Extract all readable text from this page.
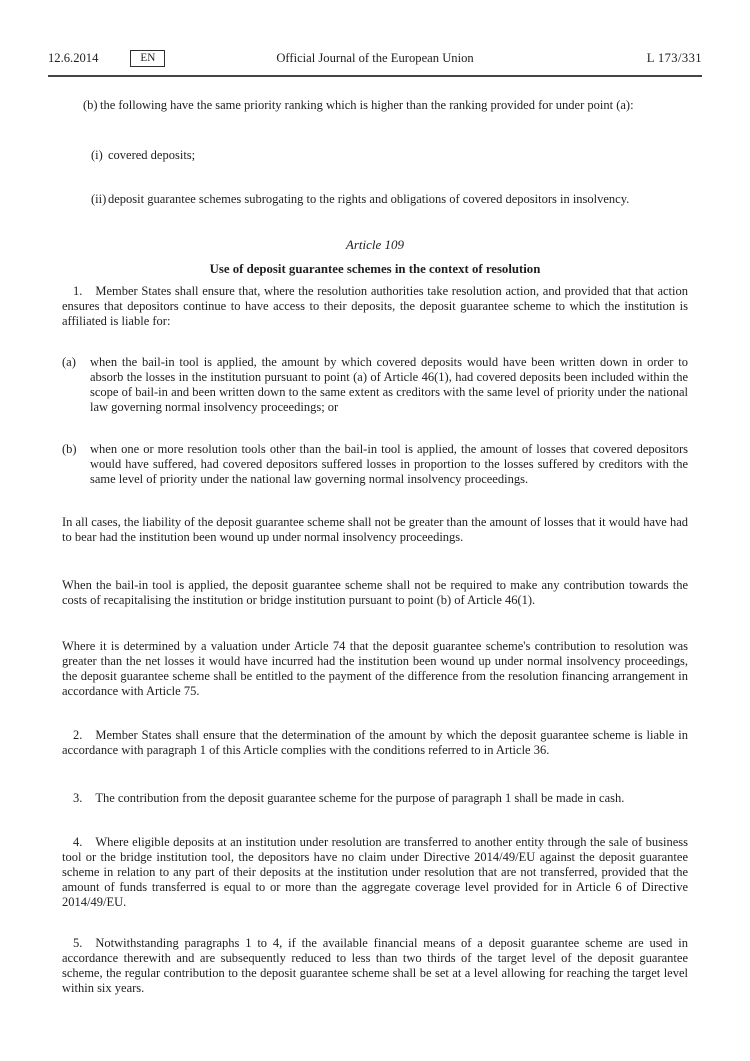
12.6.2014	EN	Official Journal of the European Union	L 173/331
(b) the following have the same priority ranking which is higher than the ranking provided for under point (a):
(i) covered deposits;
(ii) deposit guarantee schemes subrogating to the rights and obligations of covered depositors in insolvency.

Article 109

Use of deposit guarantee schemes in the context of resolution

1. Member States shall ensure that, where the resolution authorities take resolution action, and provided that that action ensures that depositors continue to have access to their deposits, the deposit guarantee scheme to which the institution is affiliated is liable for:

(a)	when the bail-in tool is applied, the amount by which covered deposits would have been written down in order to absorb the losses in the institution pursuant to point (a) of Article 46(1), had covered deposits been included within the scope of bail-in and been written down to the same extent as creditors with the same level of priority under the national law governing normal insolvency proceedings; or
(b)	when one or more resolution tools other than the bail-in tool is applied, the amount of losses that covered depositors would have suffered, had covered depositors suffered losses in proportion to the losses suffered by creditors with the same level of priority under the national law governing normal insolvency proceedings.

In all cases, the liability of the deposit guarantee scheme shall not be greater than the amount of losses that it would have had to bear had the institution been wound up under normal insolvency proceedings.

When the bail-in tool is applied, the deposit guarantee scheme shall not be required to make any contribution towards the costs of recapitalising the institution or bridge institution pursuant to point (b) of Article 46(1).

Where it is determined by a valuation under Article 74 that the deposit guarantee scheme's contribution to resolution was greater than the net losses it would have incurred had the institution been wound up under normal insolvency proceedings, the deposit guarantee scheme shall be entitled to the payment of the difference from the resolution financing arrangement in accordance with Article 75.

2. Member States shall ensure that the determination of the amount by which the deposit guarantee scheme is liable in accordance with paragraph 1 of this Article complies with the conditions referred to in Article 36.

3. The contribution from the deposit guarantee scheme for the purpose of paragraph 1 shall be made in cash.

4. Where eligible deposits at an institution under resolution are transferred to another entity through the sale of business tool or the bridge institution tool, the depositors have no claim under Directive 2014/49/EU against the deposit guarantee scheme in relation to any part of their deposits at the institution under resolution that are not transferred, provided that the amount of funds transferred is equal to or more than the aggregate coverage level provided for in Article 6 of Directive 2014/49/EU.

5. Notwithstanding paragraphs 1 to 4, if the available financial means of a deposit guarantee scheme are used in accordance therewith and are subsequently reduced to less than two thirds of the target level of the deposit guarantee scheme, the regular contribution to the deposit guarantee scheme shall be set at a level allowing for reaching the target level within six years.
